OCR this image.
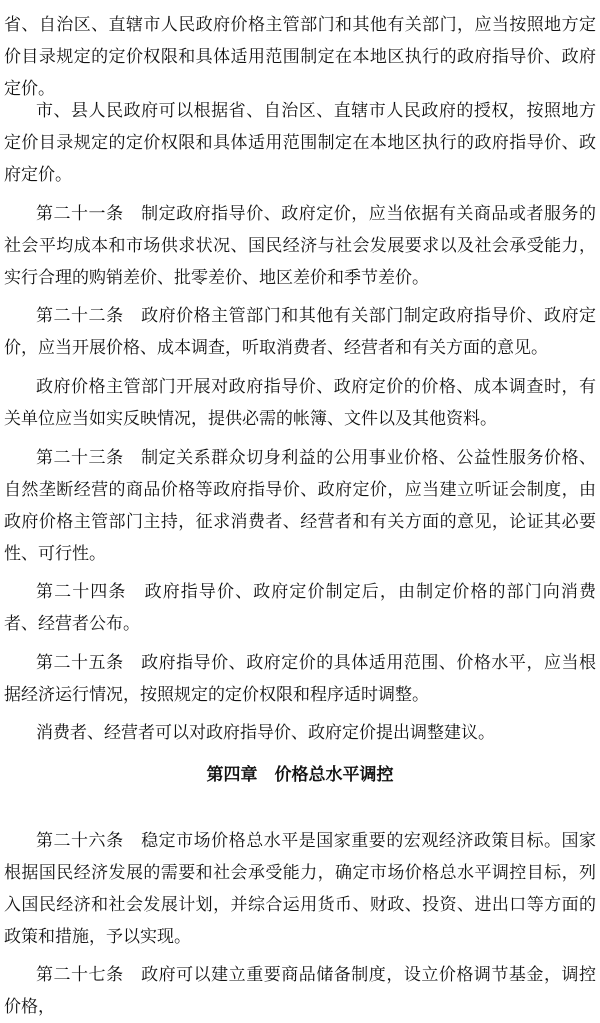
省、自治区、直辖市人民政府价格主管部门和其他有关部门，应当按照地方定价目录规定的定价权限和具体适用范围制定在本地区执行的政府指导价、政府定价。

市、县人民政府可以根据省、自治区、直辖市人民政府的授权，按照地方定价目录规定的定价权限和具体适用范围制定在本地区执行的政府指导价、政府定价。

第二十一条　制定政府指导价、政府定价，应当依据有关商品或者服务的社会平均成本和市场供求状况、国民经济与社会发展要求以及社会承受能力，实行合理的购销差价、批零差价、地区差价和季节差价。

第二十二条　政府价格主管部门和其他有关部门制定政府指导价、政府定价，应当开展价格、成本调查，听取消费者、经营者和有关方面的意见。

政府价格主管部门开展对政府指导价、政府定价的价格、成本调查时，有关单位应当如实反映情况，提供必需的帐簿、文件以及其他资料。

第二十三条　制定关系群众切身利益的公用事业价格、公益性服务价格、自然垄断经营的商品价格等政府指导价、政府定价，应当建立听证会制度，由政府价格主管部门主持，征求消费者、经营者和有关方面的意见，论证其必要性、可行性。

第二十四条　政府指导价、政府定价制定后，由制定价格的部门向消费者、经营者公布。

第二十五条　政府指导价、政府定价的具体适用范围、价格水平，应当根据经济运行情况，按照规定的定价权限和程序适时调整。

消费者、经营者可以对政府指导价、政府定价提出调整建议。

第四章　价格总水平调控

第二十六条　稳定市场价格总水平是国家重要的宏观经济政策目标。国家根据国民经济发展的需要和社会承受能力，确定市场价格总水平调控目标，列入国民经济和社会发展计划，并综合运用货币、财政、投资、进出口等方面的政策和措施，予以实现。

第二十七条　政府可以建立重要商品储备制度，设立价格调节基金，调控价格，
